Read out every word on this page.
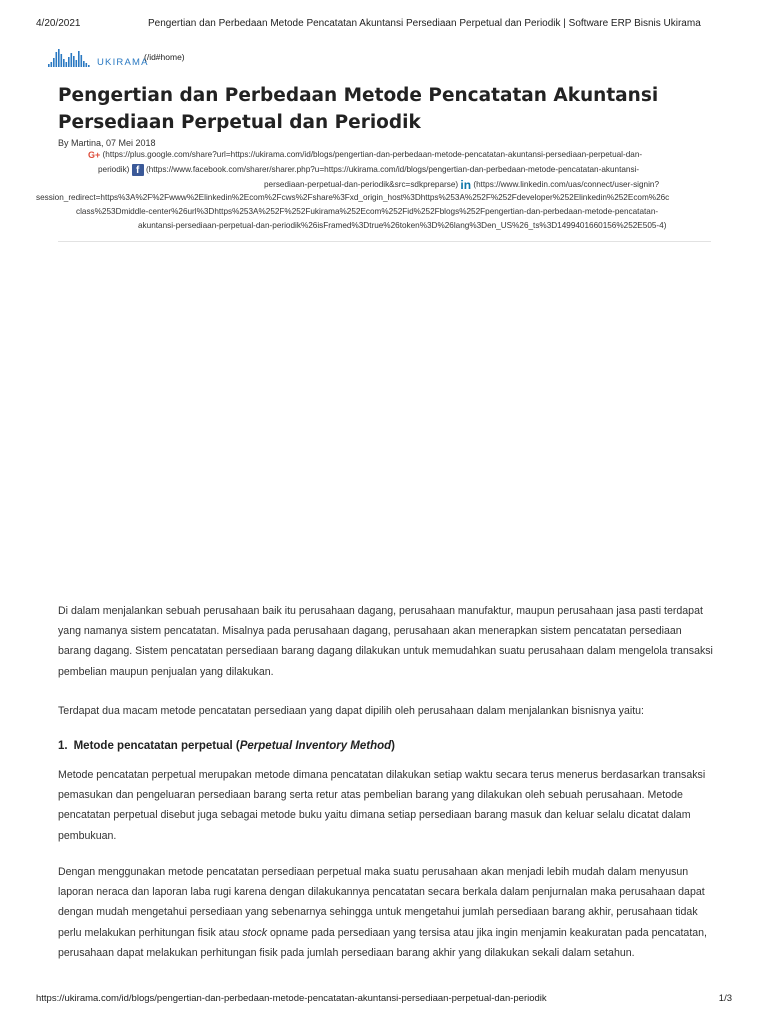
4/20/2021	Pengertian dan Perbedaan Metode Pencatatan Akuntansi Persediaan Perpetual dan Periodik | Software ERP Bisnis Ukirama
UKIRAMA
(/id#home)
Pengertian dan Perbedaan Metode Pencatatan Akuntansi Persediaan Perpetual dan Periodik
By Martina, 07 Mei 2018
G+ (https://plus.google.com/share?url=https://ukirama.com/id/blogs/pengertian-dan-perbedaan-metode-pencatatan-akuntansi-persediaan-perpetual-dan-
periodik) f (https://www.facebook.com/sharer/sharer.php?u=https://ukirama.com/id/blogs/pengertian-dan-perbedaan-metode-pencatatan-akuntansi-
persediaan-perpetual-dan-periodik&src=sdkpreparse) in (https://www.linkedin.com/uas/connect/user-signin?
session_redirect=https%3A%2F%2Fwww%2Elinkedin%2Ecom%2Fcws%2Fshare%3Fxd_origin_host%3Dhttps%253A%252F%252Fdeveloper%252Elinkedin%252Ecom%26c
class%253Dmiddle-center%26url%3Dhttps%253A%252F%252Fukirama%252Ecom%252Fid%252Fblogs%252Fpengertian-dan-perbedaan-metode-pencatatan-
akuntansi-persediaan-perpetual-dan-periodik%26isFramed%3Dtrue%26token%3D%26lang%3Den_US%26_ts%3D1499401660156%252E505-4)

Di dalam menjalankan sebuah perusahaan baik itu perusahaan dagang, perusahaan manufaktur, maupun perusahaan jasa pasti terdapat yang namanya sistem pencatatan. Misalnya pada perusahaan dagang, perusahaan akan menerapkan sistem pencatatan persediaan barang dagang. Sistem pencatatan persediaan barang dagang dilakukan untuk memudahkan suatu perusahaan dalam mengelola transaksi pembelian maupun penjualan yang dilakukan.

Terdapat dua macam metode pencatatan persediaan yang dapat dipilih oleh perusahaan dalam menjalankan bisnisnya yaitu:

1. Metode pencatatan perpetual (Perpetual Inventory Method)

Metode pencatatan perpetual merupakan metode dimana pencatatan dilakukan setiap waktu secara terus menerus berdasarkan transaksi pemasukan dan pengeluaran persediaan barang serta retur atas pembelian barang yang dilakukan oleh sebuah perusahaan. Metode pencatatan perpetual disebut juga sebagai metode buku yaitu dimana setiap persediaan barang masuk dan keluar selalu dicatat dalam pembukuan.

Dengan menggunakan metode pencatatan persediaan perpetual maka suatu perusahaan akan menjadi lebih mudah dalam menyusun laporan neraca dan laporan laba rugi karena dengan dilakukannya pencatatan secara berkala dalam penjurnalan maka perusahaan dapat dengan mudah mengetahui persediaan yang sebenarnya sehingga untuk mengetahui jumlah persediaan barang akhir, perusahaan tidak perlu melakukan perhitungan fisik atau stock opname pada persediaan yang tersisa atau jika ingin menjamin keakuratan pada pencatatan, perusahaan dapat melakukan perhitungan fisik pada jumlah persediaan barang akhir yang dilakukan sekali dalam setahun.

https://ukirama.com/id/blogs/pengertian-dan-perbedaan-metode-pencatatan-akuntansi-persediaan-perpetual-dan-periodik	1/3
